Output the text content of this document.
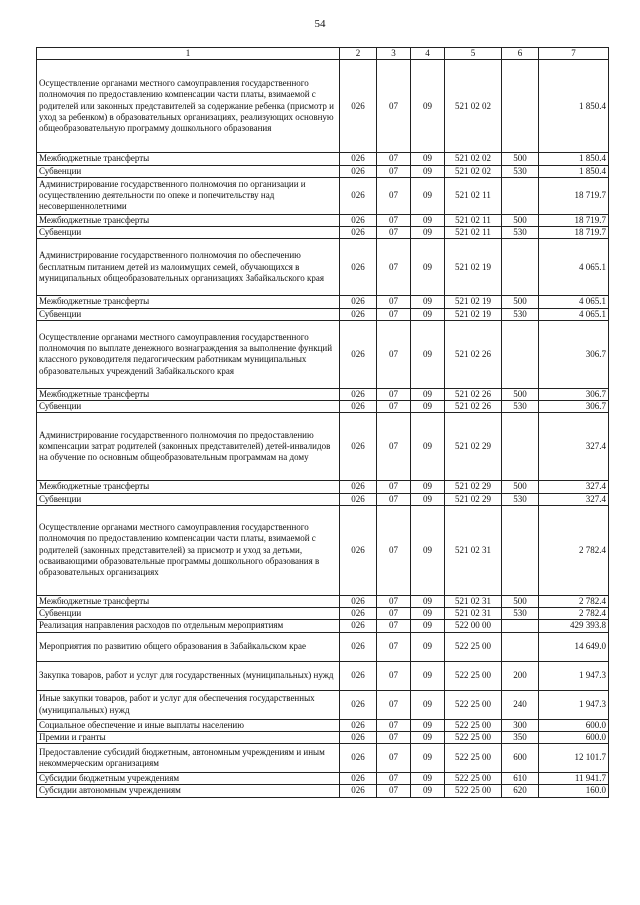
54
1	2	3	4	5	6	7
Осуществление органами местного самоуправления государственного полномочия по предоставлению компенсации части платы, взимаемой с родителей или законных представителей за содержание ребенка (присмотр и уход за ребенком) в образовательных организациях, реализующих основную общеобразовательную программу дошкольного образования	026	07	09	521 02 02		1 850.4
Межбюджетные трансферты	026	07	09	521 02 02	500	1 850.4
Субвенции	026	07	09	521 02 02	530	1 850.4
Администрирование государственного полномочия по организации и осуществлению деятельности по опеке и попечительству над несовершеннолетними	026	07	09	521 02 11		18 719.7
Межбюджетные трансферты	026	07	09	521 02 11	500	18 719.7
Субвенции	026	07	09	521 02 11	530	18 719.7
Администрирование государственного полномочия по обеспечению бесплатным питанием детей из малоимущих семей, обучающихся в муниципальных общеобразовательных организациях Забайкальского края	026	07	09	521 02 19		4 065.1
Межбюджетные трансферты	026	07	09	521 02 19	500	4 065.1
Субвенции	026	07	09	521 02 19	530	4 065.1
Осуществление органами местного самоуправления государственного полномочия по выплате денежного вознаграждения за выполнение функций классного руководителя педагогическим работникам муниципальных образовательных учреждений Забайкальского края	026	07	09	521 02 26		306.7
Межбюджетные трансферты	026	07	09	521 02 26	500	306.7
Субвенции	026	07	09	521 02 26	530	306.7
Администрирование государственного полномочия по предоставлению компенсации затрат родителей (законных представителей) детей-инвалидов на обучение по основным общеобразовательным программам на дому	026	07	09	521 02 29		327.4
Межбюджетные трансферты	026	07	09	521 02 29	500	327.4
Субвенции	026	07	09	521 02 29	530	327.4
Осуществление органами местного самоуправления государственного полномочия по предоставлению компенсации части платы, взимаемой с родителей (законных представителей) за присмотр и уход за детьми, осваивающими образовательные программы дошкольного образования в образовательных организациях	026	07	09	521 02 31		2 782.4
Межбюджетные трансферты	026	07	09	521 02 31	500	2 782.4
Субвенции	026	07	09	521 02 31	530	2 782.4
Реализация направления расходов по отдельным мероприятиям	026	07	09	522 00 00		429 393.8
Мероприятия по развитию общего образования в Забайкальском крае	026	07	09	522 25 00		14 649.0
Закупка товаров, работ и услуг для государственных (муниципальных) нужд	026	07	09	522 25 00	200	1 947.3
Иные закупки товаров, работ и услуг для обеспечения государственных (муниципальных) нужд	026	07	09	522 25 00	240	1 947.3
Социальное обеспечение и иные выплаты населению	026	07	09	522 25 00	300	600.0
Премии и гранты	026	07	09	522 25 00	350	600.0
Предоставление субсидий бюджетным, автономным учреждениям и иным некоммерческим организациям	026	07	09	522 25 00	600	12 101.7
Субсидии бюджетным учреждениям	026	07	09	522 25 00	610	11 941.7
Субсидии автономным учреждениям	026	07	09	522 25 00	620	160.0
